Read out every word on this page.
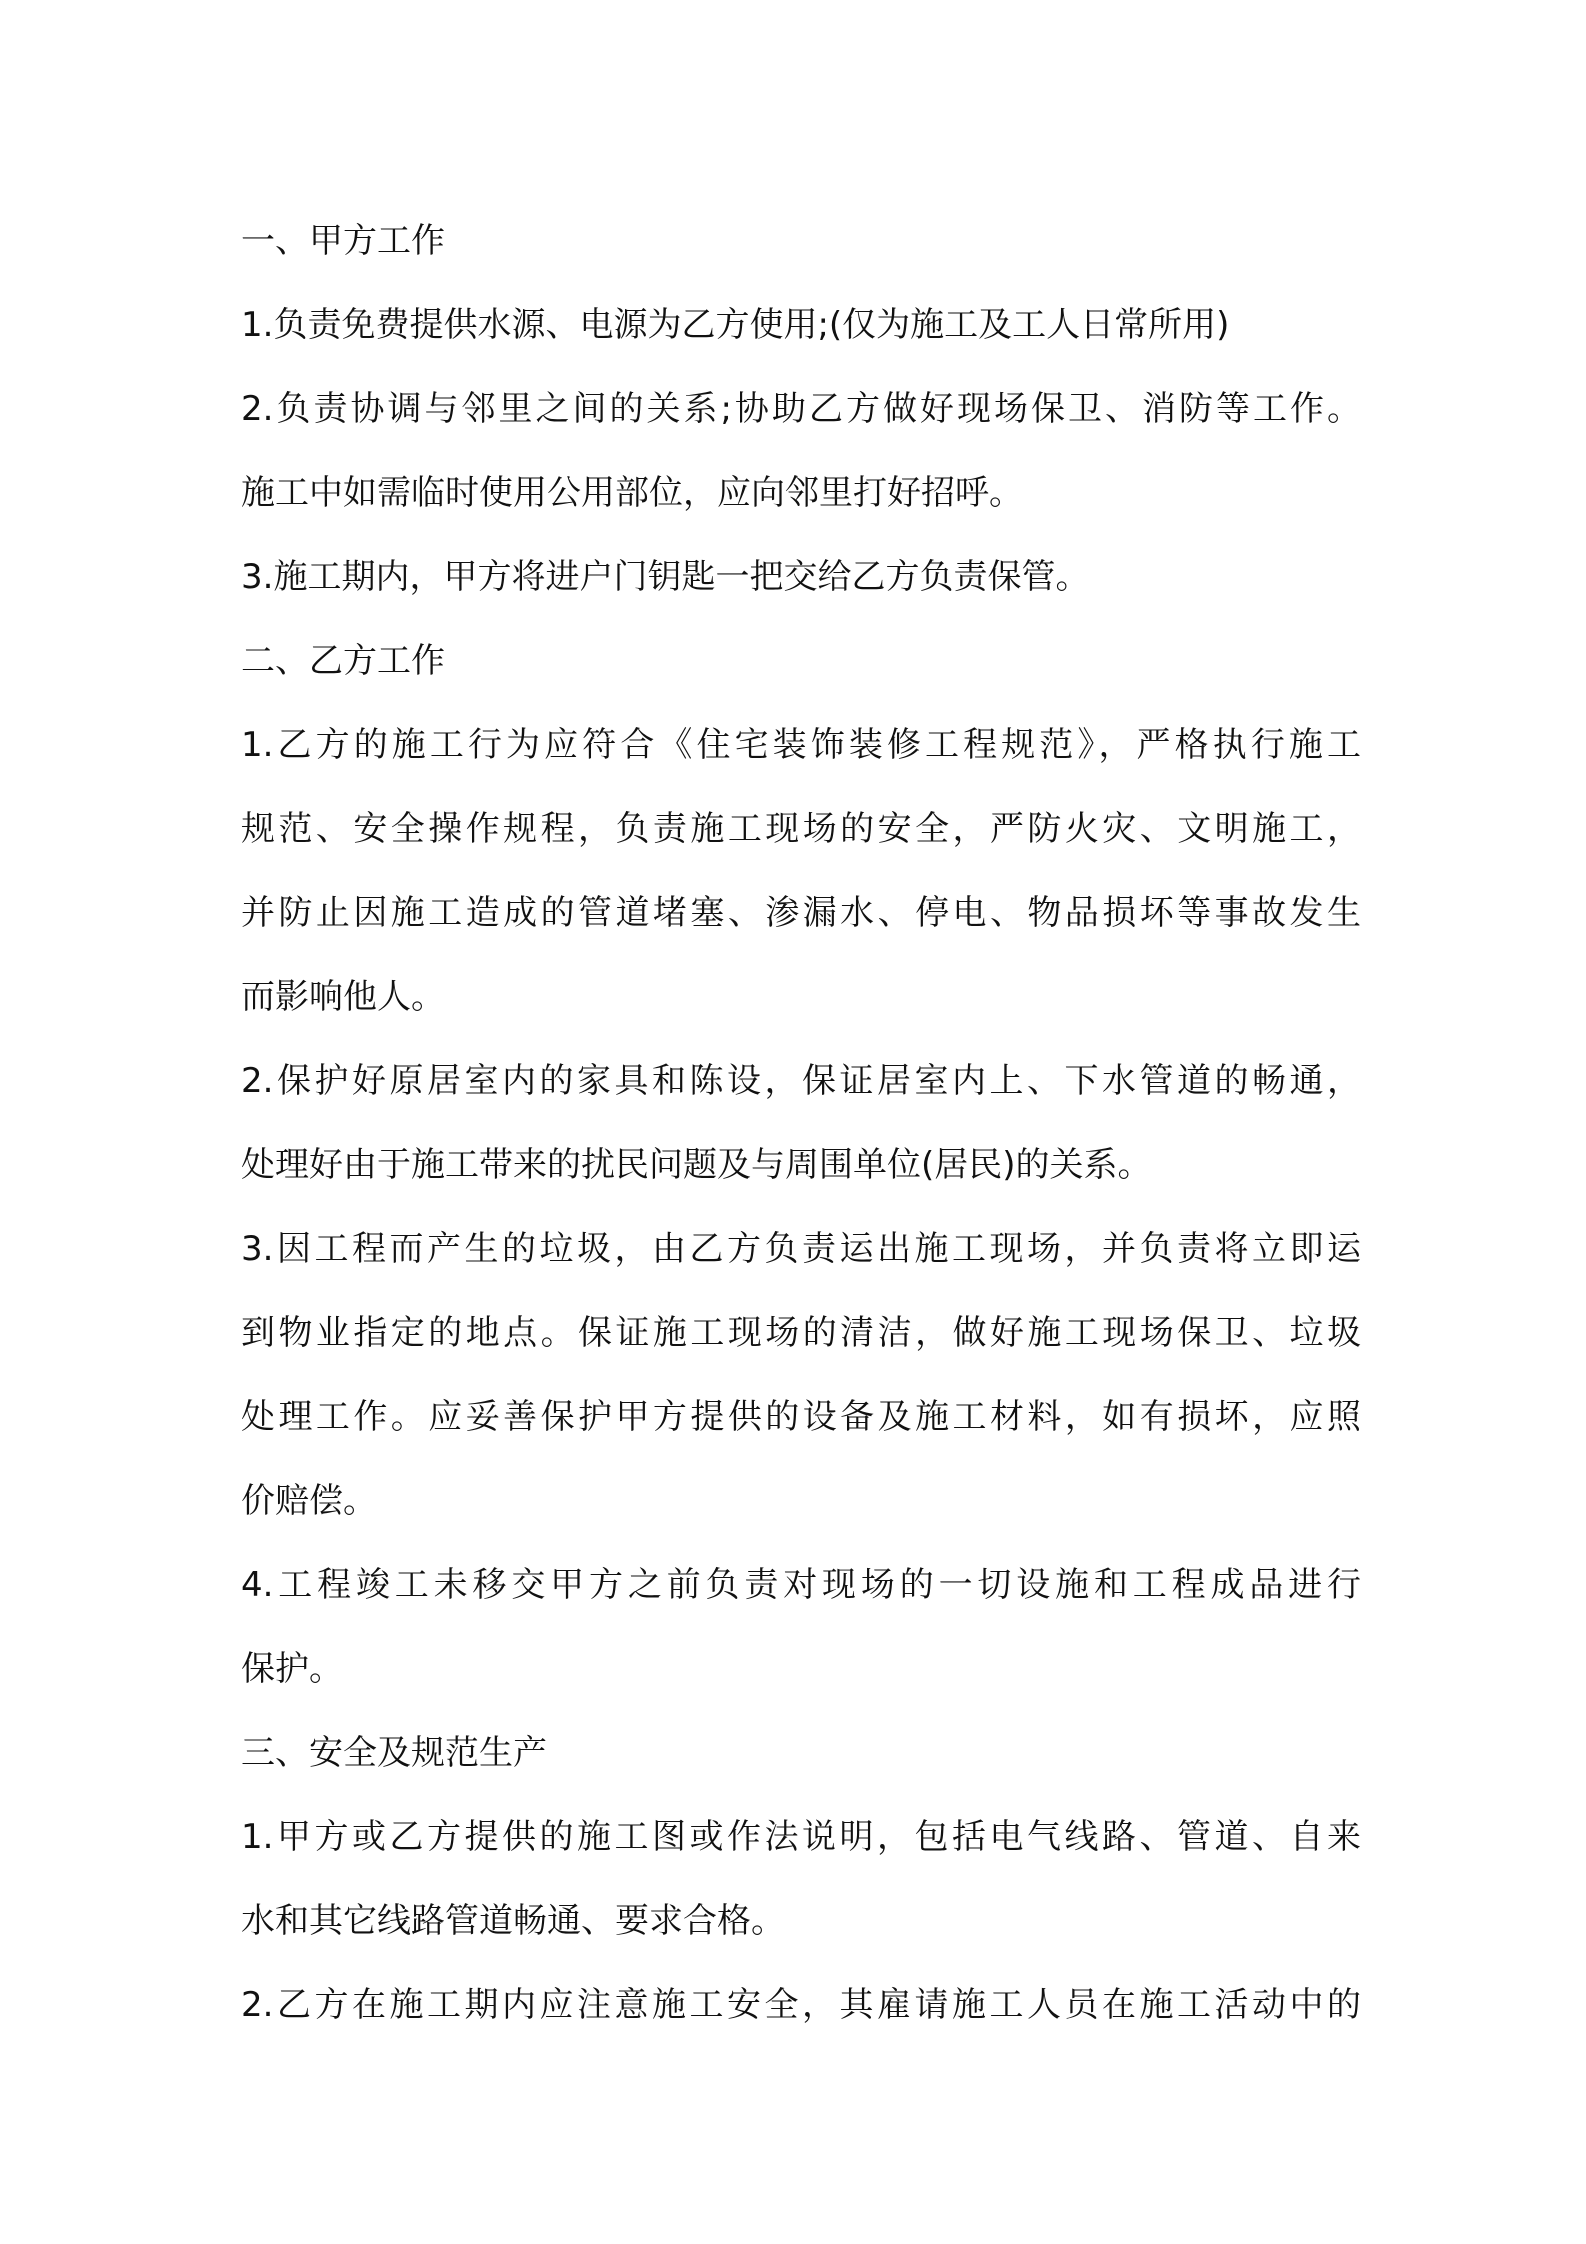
一、甲方工作
1.负责免费提供水源、电源为乙方使用;(仅为施工及工人日常所用)
2.负责协调与邻里之间的关系;协助乙方做好现场保卫、消防等工作。
施工中如需临时使用公用部位，应向邻里打好招呼。
3.施工期内，甲方将进户门钥匙一把交给乙方负责保管。
二、乙方工作
1.乙方的施工行为应符合《住宅装饰装修工程规范》，严格执行施工
规范、安全操作规程，负责施工现场的安全，严防火灾、文明施工，
并防止因施工造成的管道堵塞、渗漏水、停电、物品损坏等事故发生
而影响他人。
2.保护好原居室内的家具和陈设，保证居室内上、下水管道的畅通，
处理好由于施工带来的扰民问题及与周围单位(居民)的关系。
3.因工程而产生的垃圾，由乙方负责运出施工现场，并负责将立即运
到物业指定的地点。保证施工现场的清洁，做好施工现场保卫、垃圾
处理工作。应妥善保护甲方提供的设备及施工材料，如有损坏，应照
价赔偿。
4.工程竣工未移交甲方之前负责对现场的一切设施和工程成品进行
保护。
三、安全及规范生产
1.甲方或乙方提供的施工图或作法说明，包括电气线路、管道、自来
水和其它线路管道畅通、要求合格。
2.乙方在施工期内应注意施工安全，其雇请施工人员在施工活动中的
